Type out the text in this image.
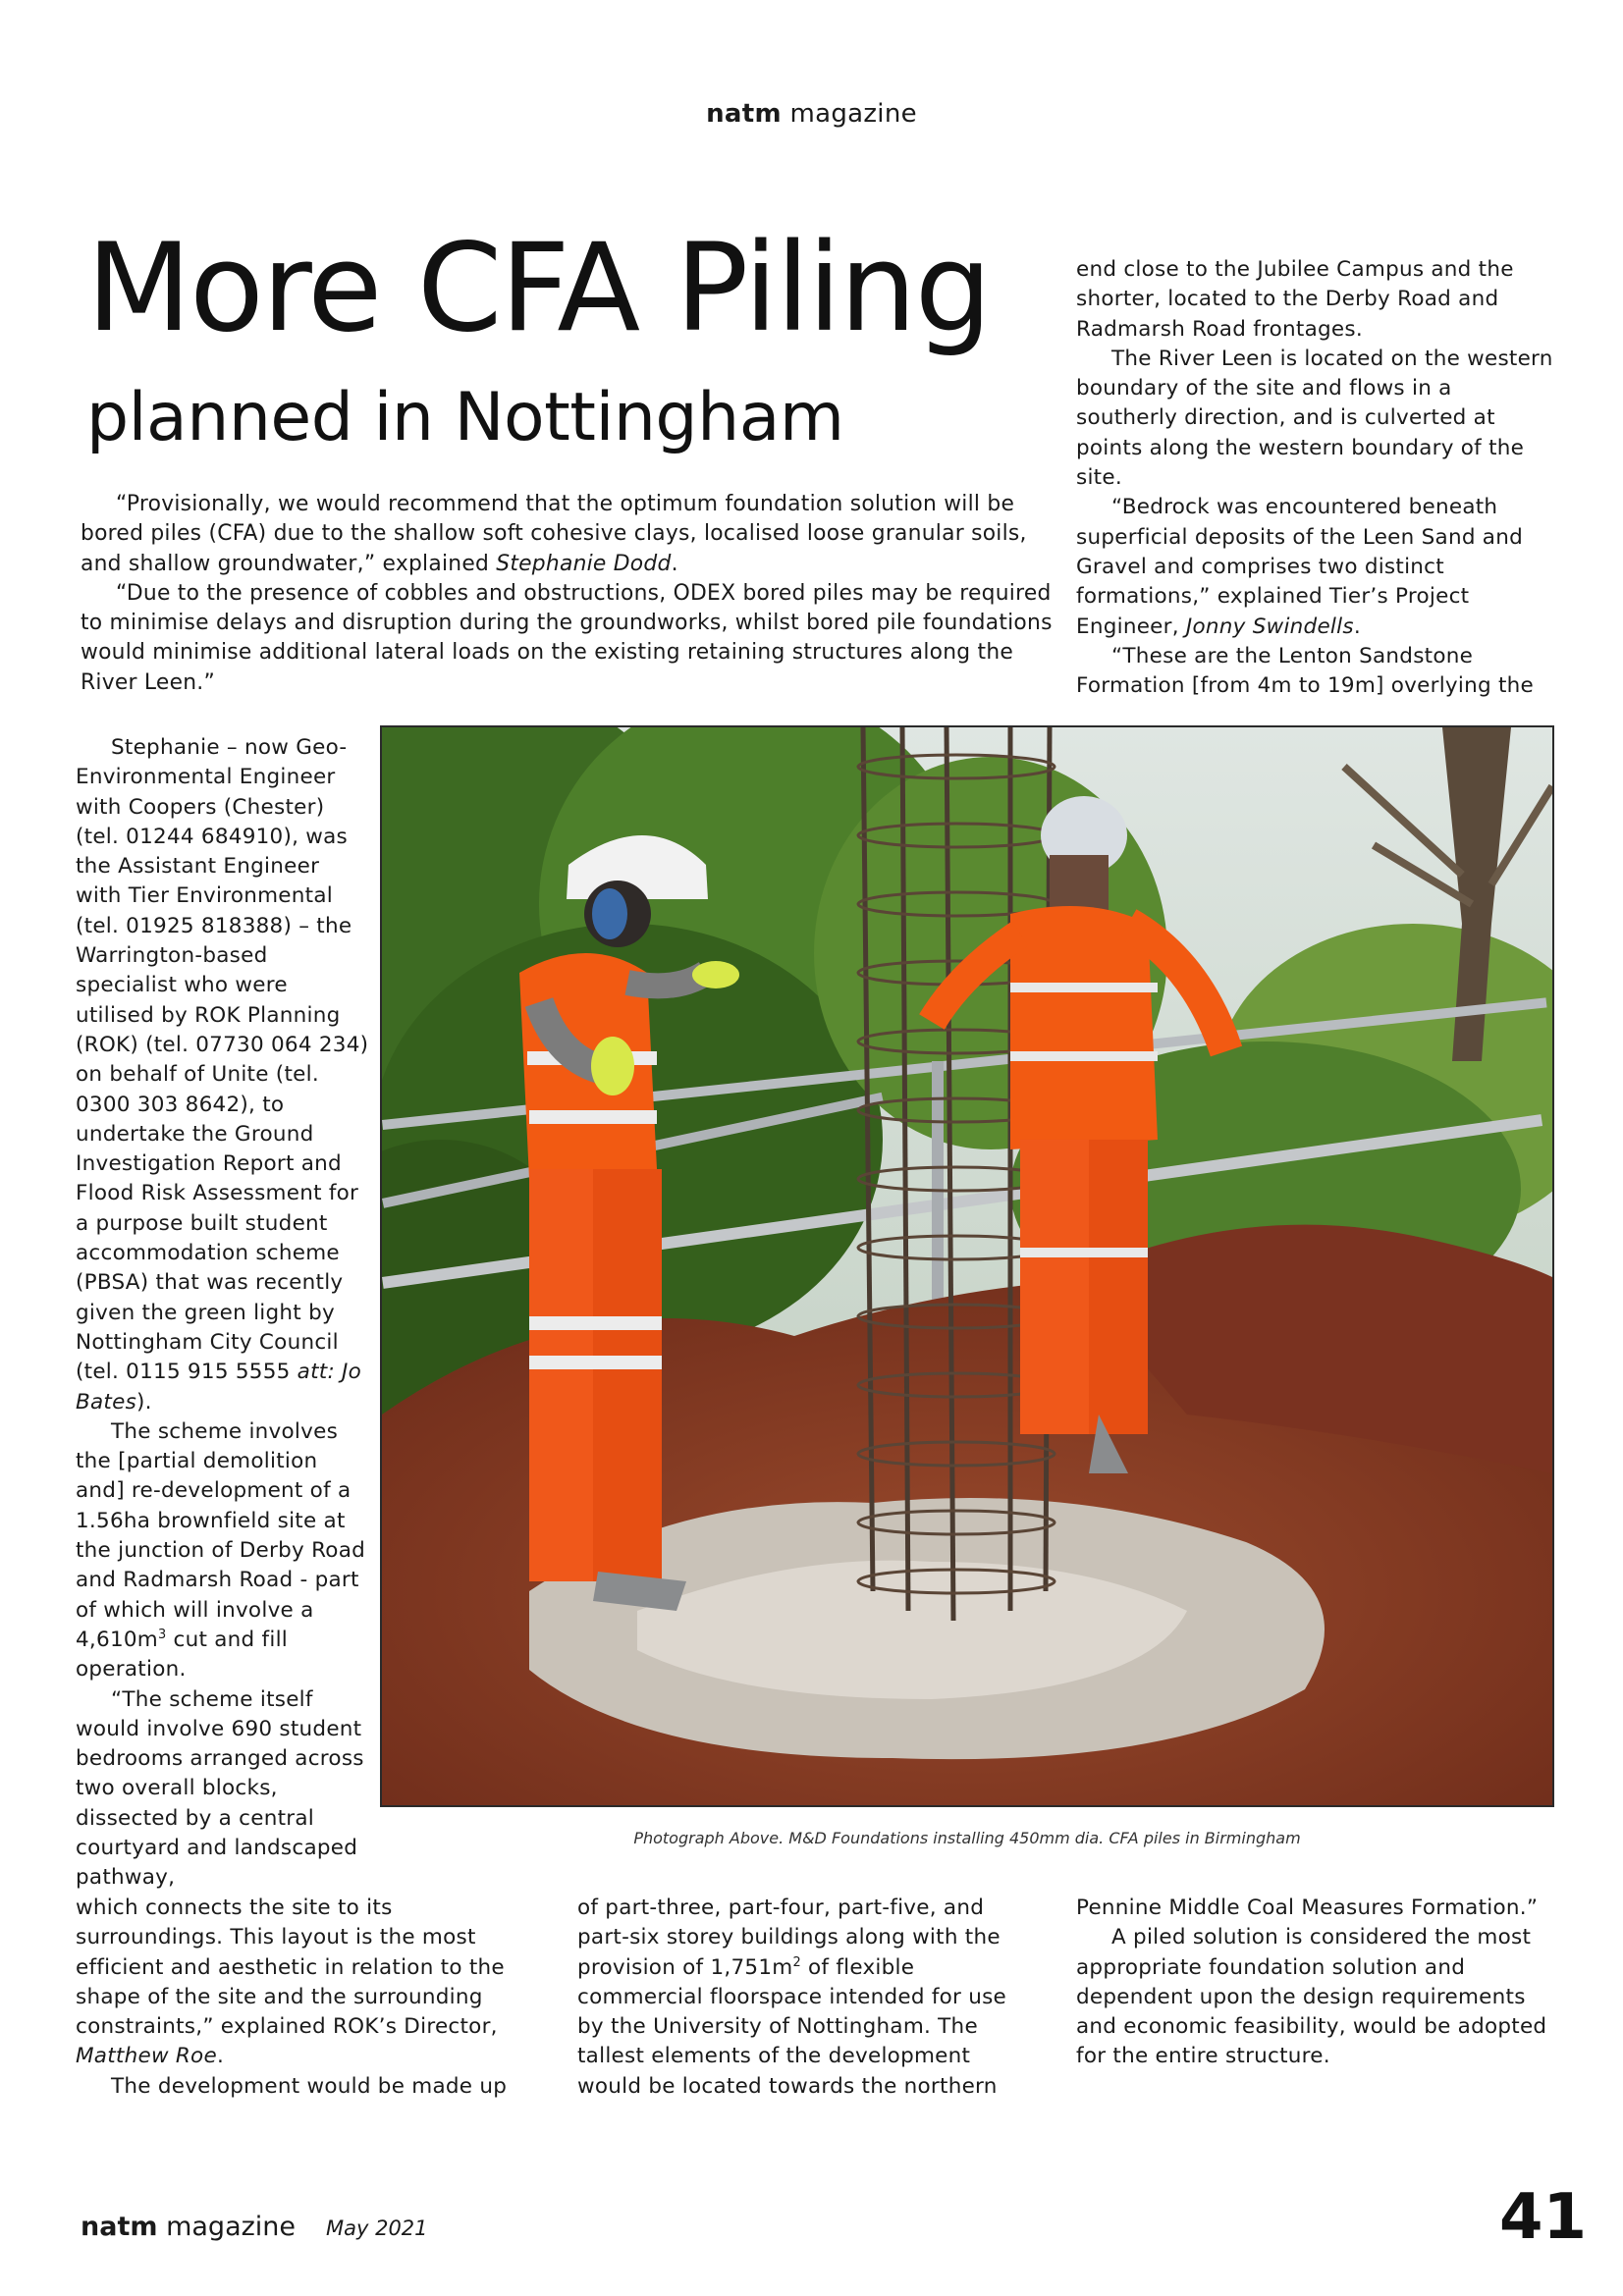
natm magazine
More CFA Piling
planned in Nottingham

“Provisionally, we would recommend that the optimum foundation solution will be bored piles (CFA) due to the shallow soft cohesive clays, localised loose granular soils, and shallow groundwater,” explained Stephanie Dodd.

“Due to the presence of cobbles and obstructions, ODEX bored piles may be required to minimise delays and disruption during the groundworks, whilst bored pile foundations would minimise additional lateral loads on the existing retaining structures along the River Leen.”

end close to the Jubilee Campus and the shorter, located to the Derby Road and Radmarsh Road frontages.

The River Leen is located on the western boundary of the site and flows in a southerly direction, and is culverted at points along the western boundary of the site.

“Bedrock was encountered beneath superficial deposits of the Leen Sand and Gravel and comprises two distinct formations,” explained Tier’s Project Engineer, Jonny Swindells.

“These are the Lenton Sandstone Formation [from 4m to 19m] overlying the

Stephanie – now Geo-Environmental Engineer with Coopers (Chester) (tel. 01244 684910), was the Assistant Engineer with Tier Environmental (tel. 01925 818388) – the Warrington-based specialist who were utilised by ROK Planning (ROK) (tel. 07730 064 234) on behalf of Unite (tel. 0300 303 8642), to undertake the Ground Investigation Report and Flood Risk Assessment for a purpose built student accommodation scheme (PBSA) that was recently given the green light by Nottingham City Council (tel. 0115 915 5555 att: Jo Bates).

The scheme involves the [partial demolition and] re-development of a 1.56ha brownfield site at the junction of Derby Road and Radmarsh Road - part of which will involve a $4,610m^3$ cut and fill operation.

“The scheme itself would involve 690 student bedrooms arranged across two overall blocks, dissected by a central courtyard and landscaped pathway,

Photograph Above. M&D Foundations installing 450mm dia. CFA piles in Birmingham

which connects the site to its surroundings. This layout is the most efficient and aesthetic in relation to the shape of the site and the surrounding constraints,” explained ROK’s Director, Matthew Roe.

The development would be made up

of part-three, part-four, part-five, and part-six storey buildings along with the provision of $1,751m^2$ of flexible commercial floorspace intended for use by the University of Nottingham. The tallest elements of the development would be located towards the northern

Pennine Middle Coal Measures Formation.”

A piled solution is considered the most appropriate foundation solution and dependent upon the design requirements and economic feasibility, would be adopted for the entire structure.

natm magazine May 2021	41
